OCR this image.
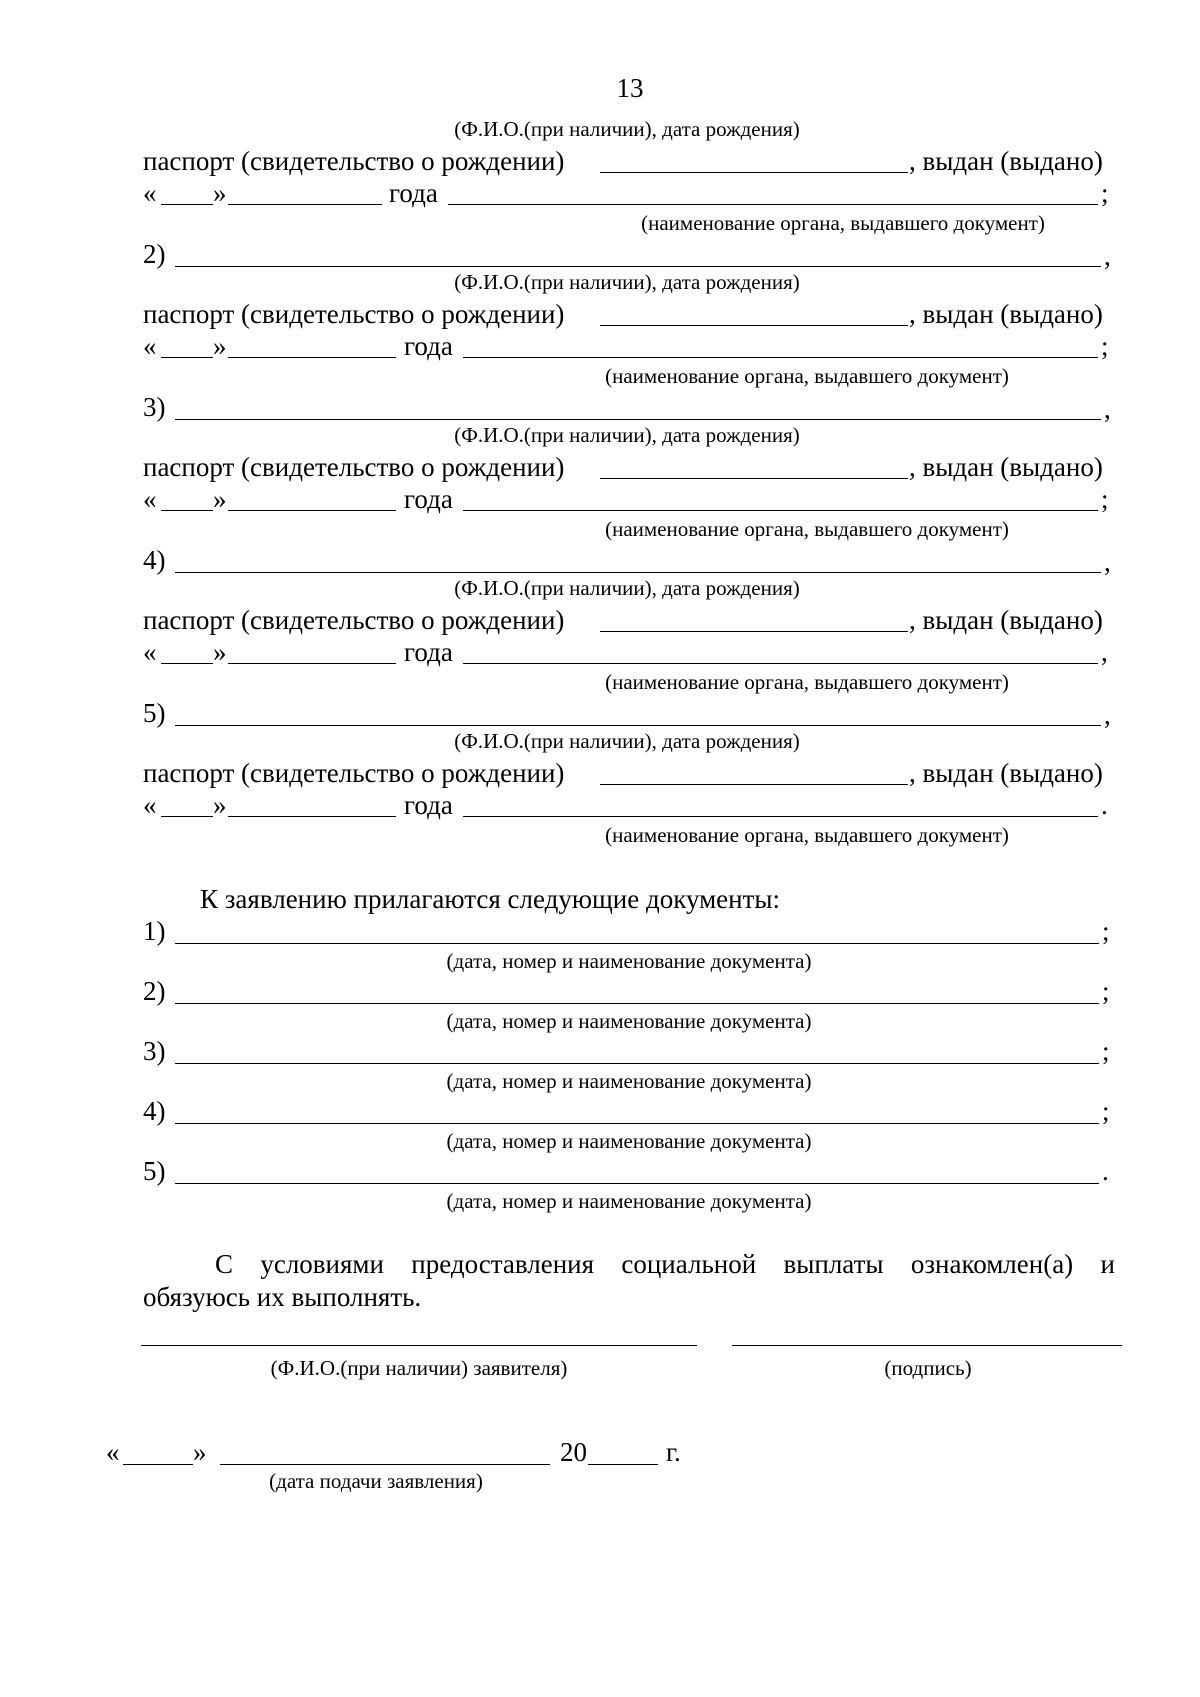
13
(Ф.И.О.(при наличии), дата рождения)
паспорт (свидетельство о рождении)	, выдан (выдано)
« »	года	;
(наименование органа, выдавшего документ)
2)	,
(Ф.И.О.(при наличии), дата рождения)
паспорт (свидетельство о рождении)	, выдан (выдано)
« »	года	;
(наименование органа, выдавшего документ)
3)	,
(Ф.И.О.(при наличии), дата рождения)
паспорт (свидетельство о рождении)	, выдан (выдано)
« »	года	;
(наименование органа, выдавшего документ)
4)	,
(Ф.И.О.(при наличии), дата рождения)
паспорт (свидетельство о рождении)	, выдан (выдано)
« »	года	,
(наименование органа, выдавшего документ)
5)	,
(Ф.И.О.(при наличии), дата рождения)
паспорт (свидетельство о рождении)	, выдан (выдано)
« »	года	.
(наименование органа, выдавшего документ)
К заявлению прилагаются следующие документы:
1)	;
(дата, номер и наименование документа)
2)	;
(дата, номер и наименование документа)
3)	;
(дата, номер и наименование документа)
4)	;
(дата, номер и наименование документа)
5)	.
(дата, номер и наименование документа)
С условиями предоставления социальной выплаты ознакомлен(а) и
обязуюсь их выполнять.
(Ф.И.О.(при наличии) заявителя)	(подпись)
«	»	20	г.
(дата подачи заявления)
